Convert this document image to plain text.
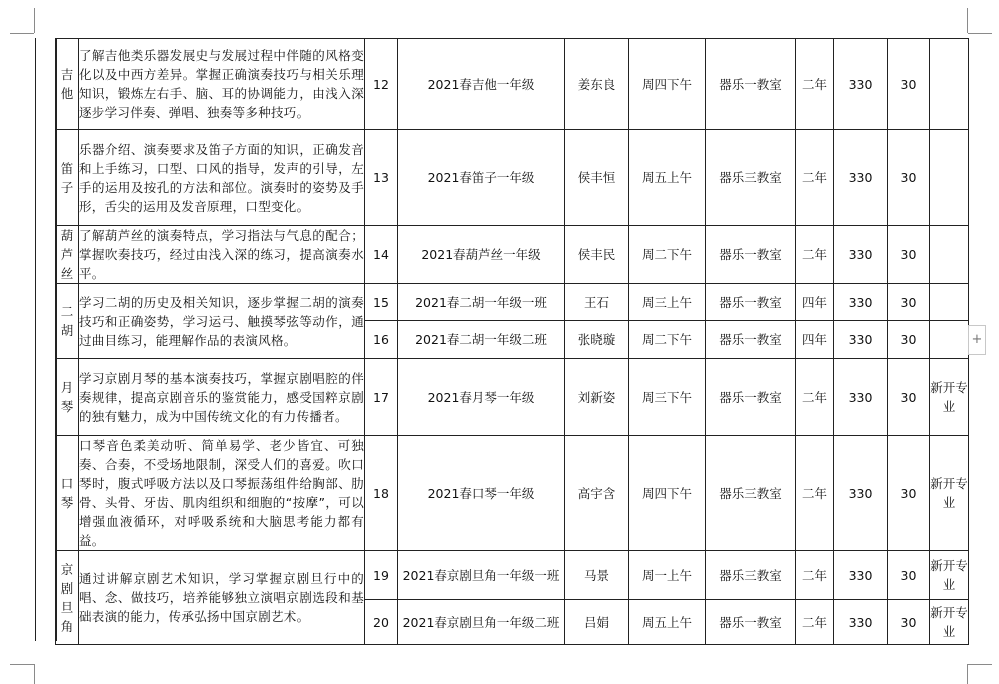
吉他	了解吉他类乐器发展史与发展过程中伴随的风格变化以及中西方差异。掌握正确演奏技巧与相关乐理知识，锻炼左右手、脑、耳的协调能力，由浅入深逐步学习伴奏、弹唱、独奏等多种技巧。	12	2021春吉他一年级	姜东良	周四下午	器乐一教室	二年	330	30	
笛子	乐器介绍、演奏要求及笛子方面的知识，正确发音和上手练习，口型、口风的指导，发声的引导，左手的运用及按孔的方法和部位。演奏时的姿势及手形，舌尖的运用及发音原理，口型变化。	13	2021春笛子一年级	侯丰恒	周五上午	器乐三教室	二年	330	30	
葫芦丝	了解葫芦丝的演奏特点，学习指法与气息的配合；掌握吹奏技巧，经过由浅入深的练习，提高演奏水平。	14	2021春葫芦丝一年级	侯丰民	周二下午	器乐一教室	二年	330	30	
二胡	学习二胡的历史及相关知识，逐步掌握二胡的演奏技巧和正确姿势，学习运弓、触摸琴弦等动作，通过曲目练习，能理解作品的表演风格。	15	2021春二胡一年级一班	王石	周三上午	器乐一教室	四年	330	30	
		16	2021春二胡一年级二班	张晓璇	周二下午	器乐一教室	四年	330	30	
月琴	学习京剧月琴的基本演奏技巧，掌握京剧唱腔的伴奏规律，提高京剧音乐的鉴赏能力，感受国粹京剧的独有魅力，成为中国传统文化的有力传播者。	17	2021春月琴一年级	刘新姿	周三下午	器乐一教室	二年	330	30	新开专业
口琴	口琴音色柔美动听、简单易学、老少皆宜、可独奏、合奏，不受场地限制，深受人们的喜爱。吹口琴时，腹式呼吸方法以及口琴振荡组件给胸部、肋骨、头骨、牙齿、肌肉组织和细胞的“按摩”，可以增强血液循环，对呼吸系统和大脑思考能力都有益。	18	2021春口琴一年级	高宇含	周四下午	器乐三教室	二年	330	30	新开专业
京剧旦角	通过讲解京剧艺术知识，学习掌握京剧旦行中的唱、念、做技巧，培养能够独立演唱京剧选段和基础表演的能力，传承弘扬中国京剧艺术。	19	2021春京剧旦角一年级一班	马景	周一上午	器乐三教室	二年	330	30	新开专业
		20	2021春京剧旦角一年级二班	吕娟	周五上午	器乐一教室	二年	330	30	新开专业
+
